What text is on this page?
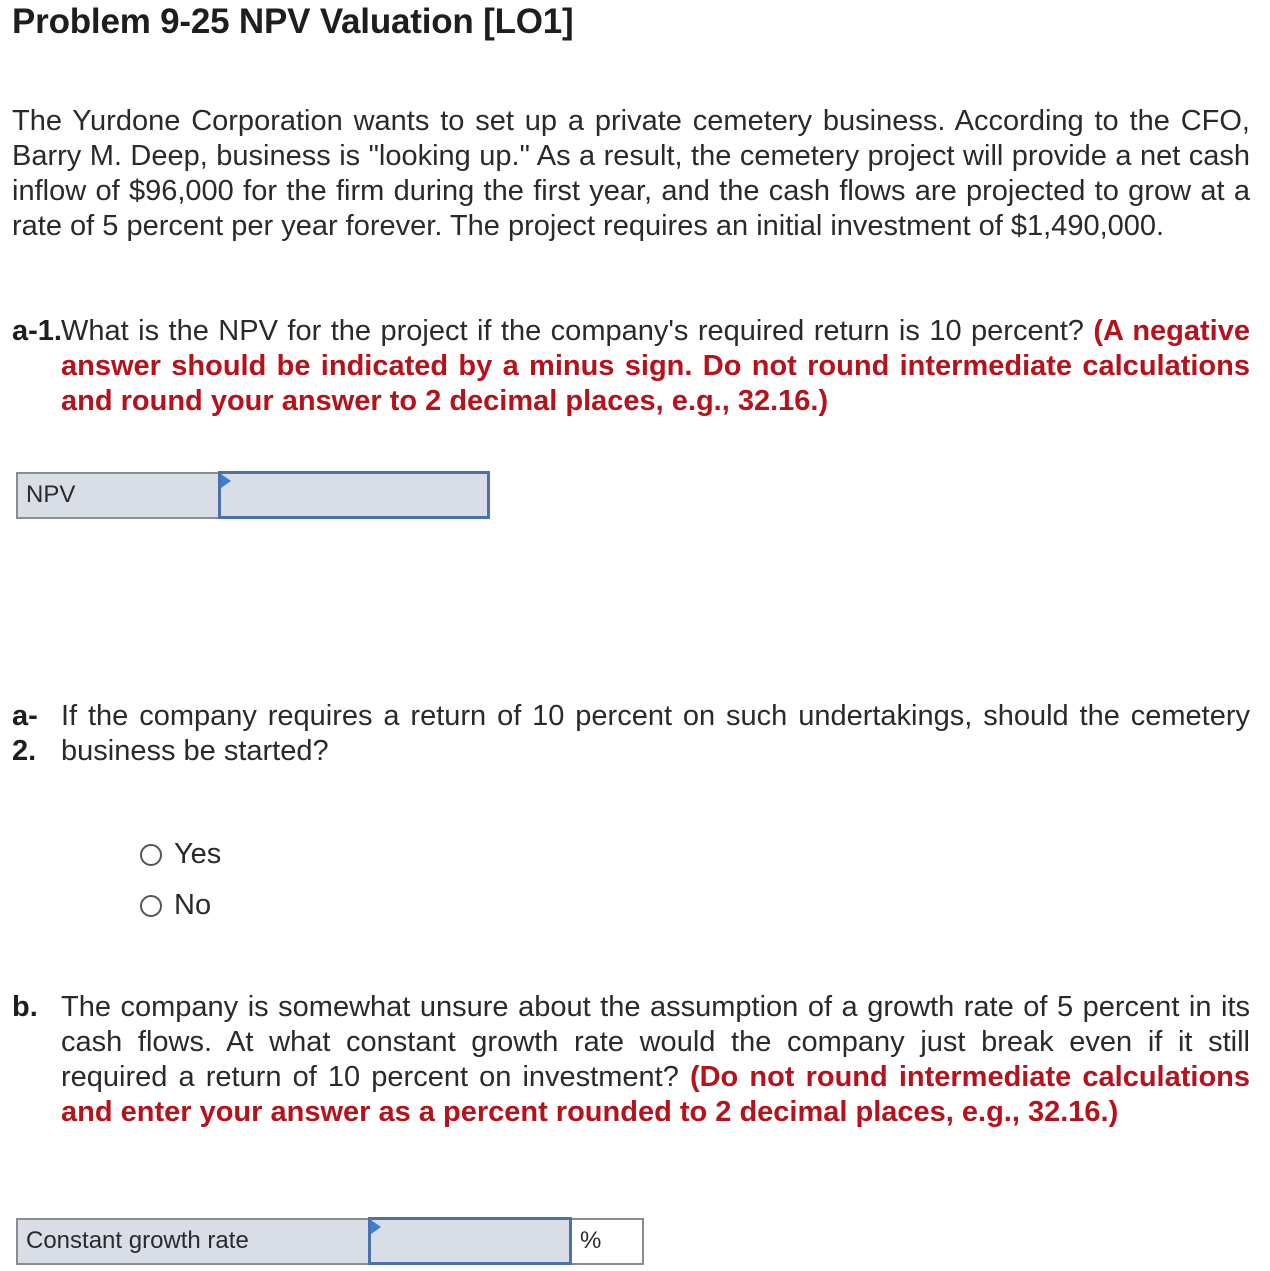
Problem 9-25 NPV Valuation [LO1]

The Yurdone Corporation wants to set up a private cemetery business. According to the CFO, Barry M. Deep, business is "looking up." As a result, the cemetery project will provide a net cash inflow of $96,000 for the firm during the first year, and the cash flows are projected to grow at a rate of 5 percent per year forever. The project requires an initial investment of $1,490,000.

a-1. What is the NPV for the project if the company's required return is 10 percent? (A negative answer should be indicated by a minus sign. Do not round intermediate calculations and round your answer to 2 decimal places, e.g., 32.16.)
NPV	
a-
2.
If the company requires a return of 10 percent on such undertakings, should the cemetery business be started?
Yes
No
b. The company is somewhat unsure about the assumption of a growth rate of 5 percent in its cash flows. At what constant growth rate would the company just break even if it still required a return of 10 percent on investment? (Do not round intermediate calculations and enter your answer as a percent rounded to 2 decimal places, e.g., 32.16.)
Constant growth rate		%
